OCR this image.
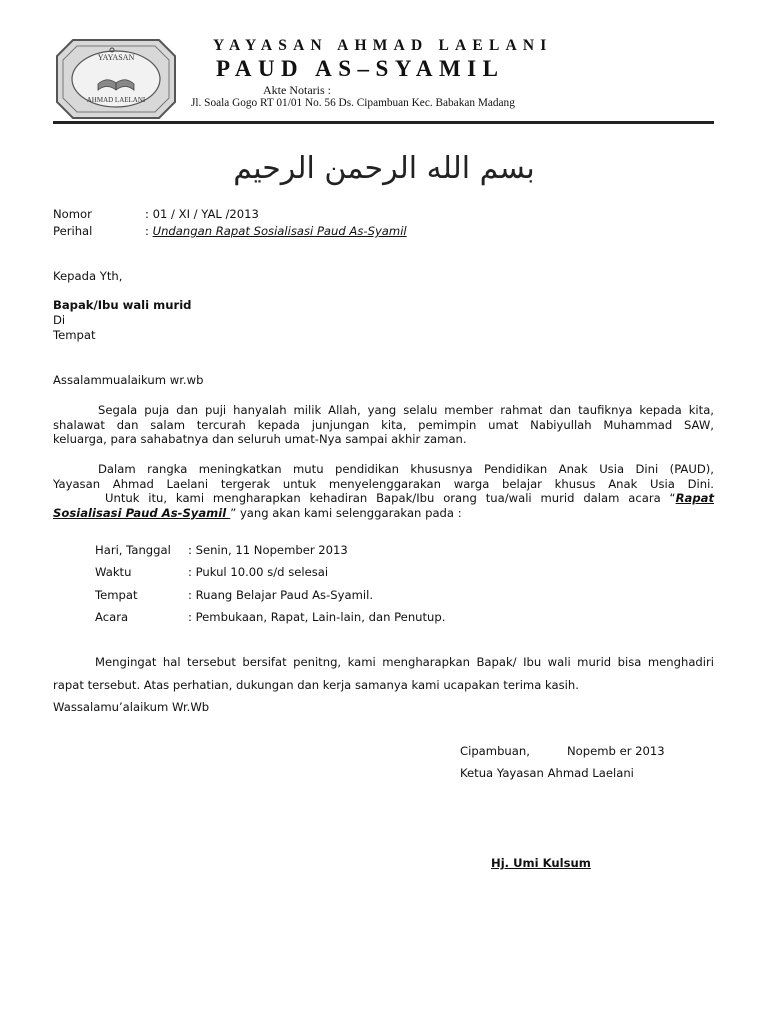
YAYASAN
AHMAD LAELANI
YAYASAN AHMAD LAELANI
PAUD AS–SYAMIL
Akte Notaris :
Jl. Soala Gogo RT 01/01 No. 56 Ds. Cipambuan Kec. Babakan Madang
بسم الله الرحمن الرحيم
Nomor	: 01 / XI / YAL /2013
Perihal	: Undangan Rapat Sosialisasi Paud As-Syamil
Kepada Yth,
Bapak/Ibu wali murid
Di
Tempat
Assalammualaikum wr.wb
Segala puja dan puji hanyalah milik Allah, yang selalu member rahmat dan taufiknya kepada kita,
shalawat dan salam tercurah kepada junjungan kita, pemimpin umat Nabiyullah Muhammad SAW,
keluarga, para sahabatnya dan seluruh umat-Nya sampai akhir zaman.
Dalam rangka meningkatkan mutu pendidikan khususnya Pendidikan Anak Usia Dini (PAUD),
Yayasan Ahmad Laelani tergerak untuk menyelenggarakan warga belajar khusus Anak Usia Dini.
Untuk itu, kami mengharapkan kehadiran Bapak/Ibu orang tua/wali murid dalam acara “Rapat
Sosialisasi Paud As-Syamil ” yang akan kami selenggarakan pada :
Hari, Tanggal : Senin, 11 Nopember 2013
Waktu	: Pukul 10.00 s/d selesai
Tempat	: Ruang Belajar Paud As-Syamil.
Acara	: Pembukaan, Rapat, Lain-lain, dan Penutup.
Mengingat hal tersebut bersifat penitng, kami mengharapkan Bapak/ Ibu wali murid bisa menghadiri
rapat tersebut. Atas perhatian, dukungan dan kerja samanya kami ucapakan terima kasih.
Wassalamu’alaikum Wr.Wb
Cipambuan,	Nopemb er 2013
Ketua Yayasan Ahmad Laelani
Hj. Umi Kulsum
